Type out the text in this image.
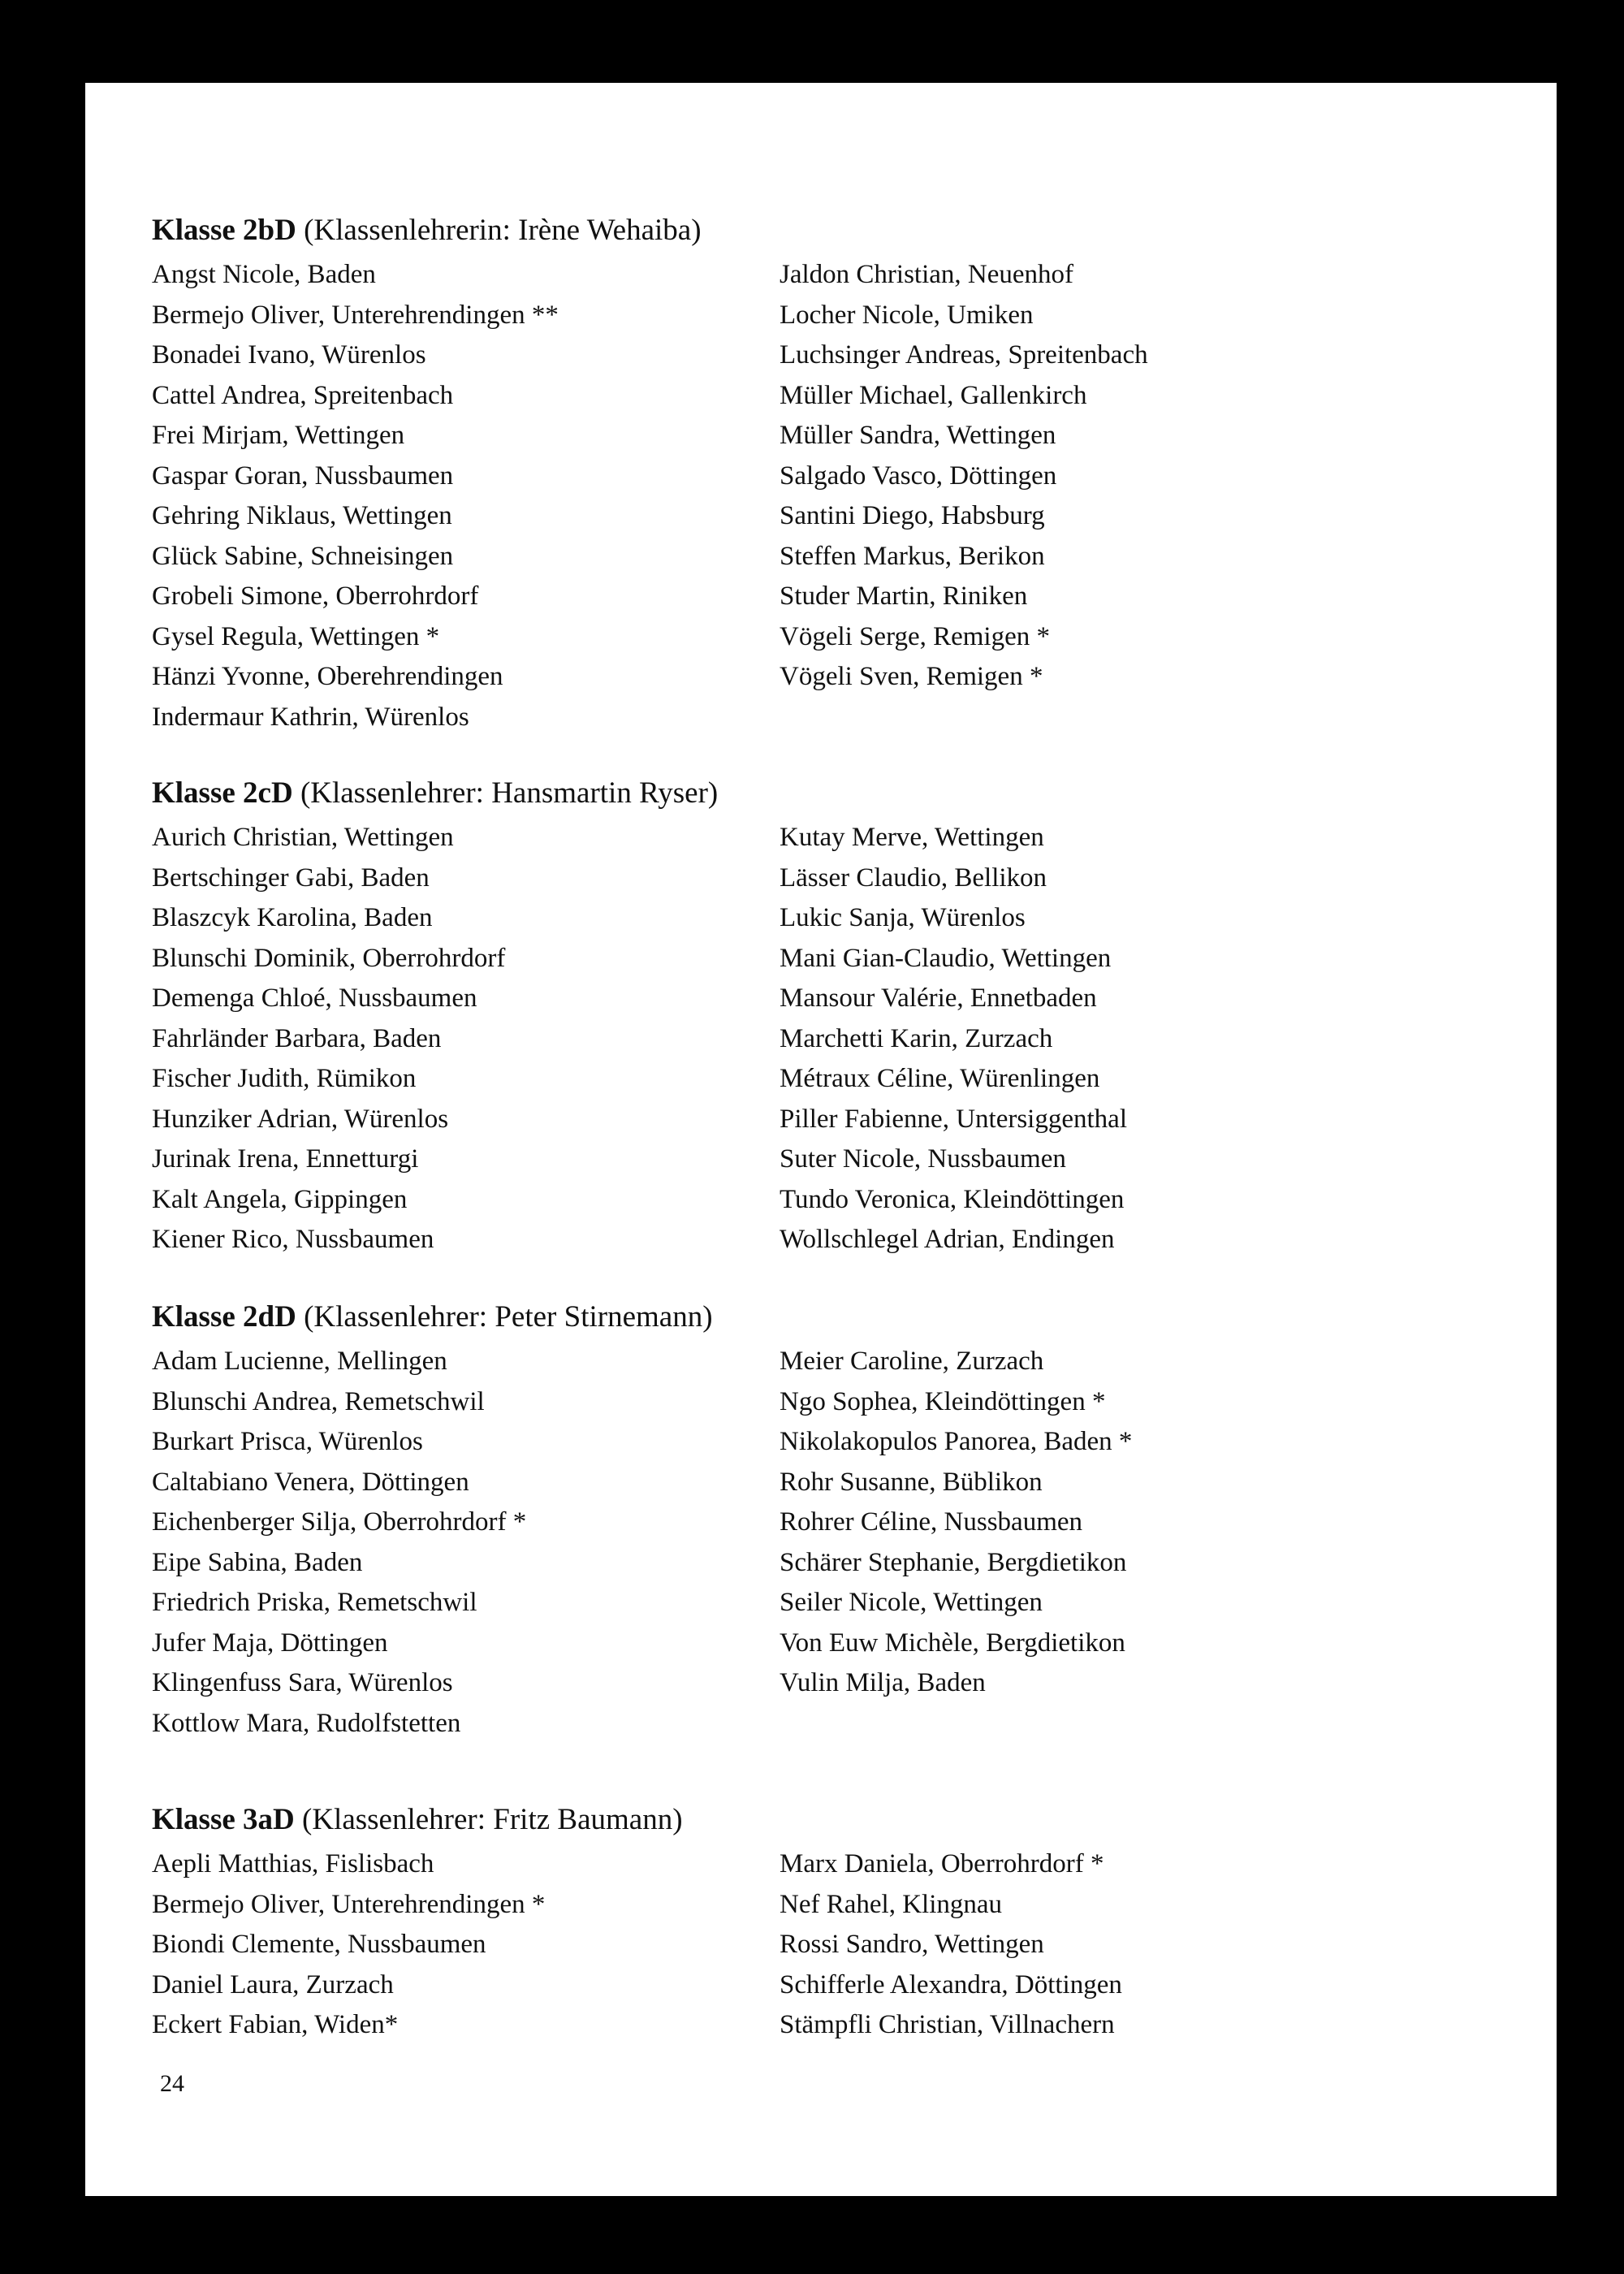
Klasse 2bD (Klassenlehrerin: Irène Wehaiba)
Angst Nicole, Baden
Bermejo Oliver, Unterehrendingen **
Bonadei Ivano, Würenlos
Cattel Andrea, Spreitenbach
Frei Mirjam, Wettingen
Gaspar Goran, Nussbaumen
Gehring Niklaus, Wettingen
Glück Sabine, Schneisingen
Grobeli Simone, Oberrohrdorf
Gysel Regula, Wettingen *
Hänzi Yvonne, Oberehrendingen
Indermaur Kathrin, Würenlos
Jaldon Christian, Neuenhof
Locher Nicole, Umiken
Luchsinger Andreas, Spreitenbach
Müller Michael, Gallenkirch
Müller Sandra, Wettingen
Salgado Vasco, Döttingen
Santini Diego, Habsburg
Steffen Markus, Berikon
Studer Martin, Riniken
Vögeli Serge, Remigen *
Vögeli Sven, Remigen *
Klasse 2cD (Klassenlehrer: Hansmartin Ryser)
Aurich Christian, Wettingen
Bertschinger Gabi, Baden
Blaszcyk Karolina, Baden
Blunschi Dominik, Oberrohrdorf
Demenga Chloé, Nussbaumen
Fahrländer Barbara, Baden
Fischer Judith, Rümikon
Hunziker Adrian, Würenlos
Jurinak Irena, Ennetturgi
Kalt Angela, Gippingen
Kiener Rico, Nussbaumen
Kutay Merve, Wettingen
Lässer Claudio, Bellikon
Lukic Sanja, Würenlos
Mani Gian-Claudio, Wettingen
Mansour Valérie, Ennetbaden
Marchetti Karin, Zurzach
Métraux Céline, Würenlingen
Piller Fabienne, Untersiggenthal
Suter Nicole, Nussbaumen
Tundo Veronica, Kleindöttingen
Wollschlegel Adrian, Endingen
Klasse 2dD (Klassenlehrer: Peter Stirnemann)
Adam Lucienne, Mellingen
Blunschi Andrea, Remetschwil
Burkart Prisca, Würenlos
Caltabiano Venera, Döttingen
Eichenberger Silja, Oberrohrdorf *
Eipe Sabina, Baden
Friedrich Priska, Remetschwil
Jufer Maja, Döttingen
Klingenfuss Sara, Würenlos
Kottlow Mara, Rudolfstetten
Meier Caroline, Zurzach
Ngo Sophea, Kleindöttingen *
Nikolakopulos Panorea, Baden *
Rohr Susanne, Büblikon
Rohrer Céline, Nussbaumen
Schärer Stephanie, Bergdietikon
Seiler Nicole, Wettingen
Von Euw Michèle, Bergdietikon
Vulin Milja, Baden
Klasse 3aD (Klassenlehrer: Fritz Baumann)
Aepli Matthias, Fislisbach
Bermejo Oliver, Unterehrendingen *
Biondi Clemente, Nussbaumen
Daniel Laura, Zurzach
Eckert Fabian, Widen*
Marx Daniela, Oberrohrdorf *
Nef Rahel, Klingnau
Rossi Sandro, Wettingen
Schifferle Alexandra, Döttingen
Stämpfli Christian, Villnachern
24
